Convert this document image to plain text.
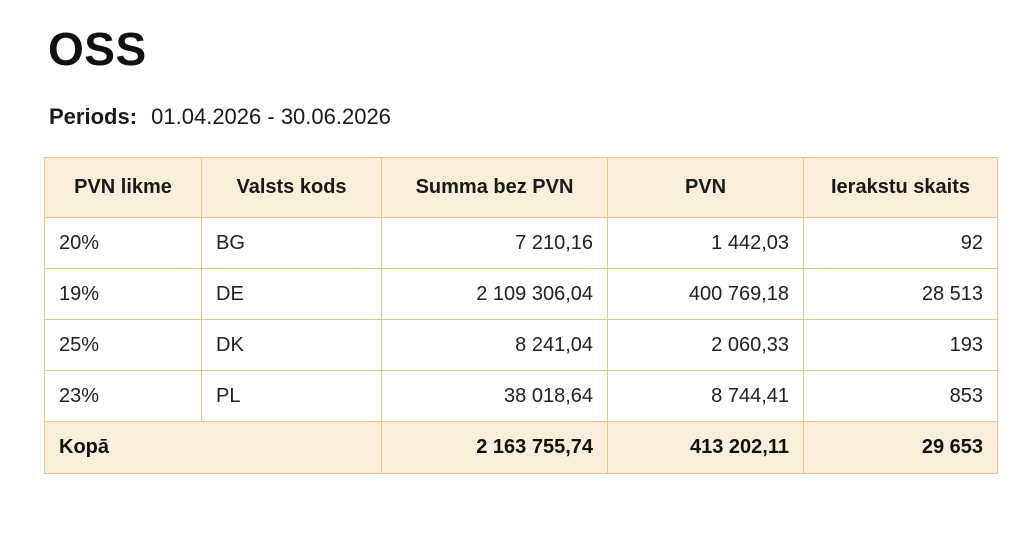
OSS
Periods: 01.04.2026 - 30.06.2026
PVN likme	Valsts kods	Summa bez PVN	PVN	Ierakstu skaits
20%	BG	7 210,16	1 442,03	92
19%	DE	2 109 306,04	400 769,18	28 513
25%	DK	8 241,04	2 060,33	193
23%	PL	38 018,64	8 744,41	853
Kopā		2 163 755,74	413 202,11	29 653
